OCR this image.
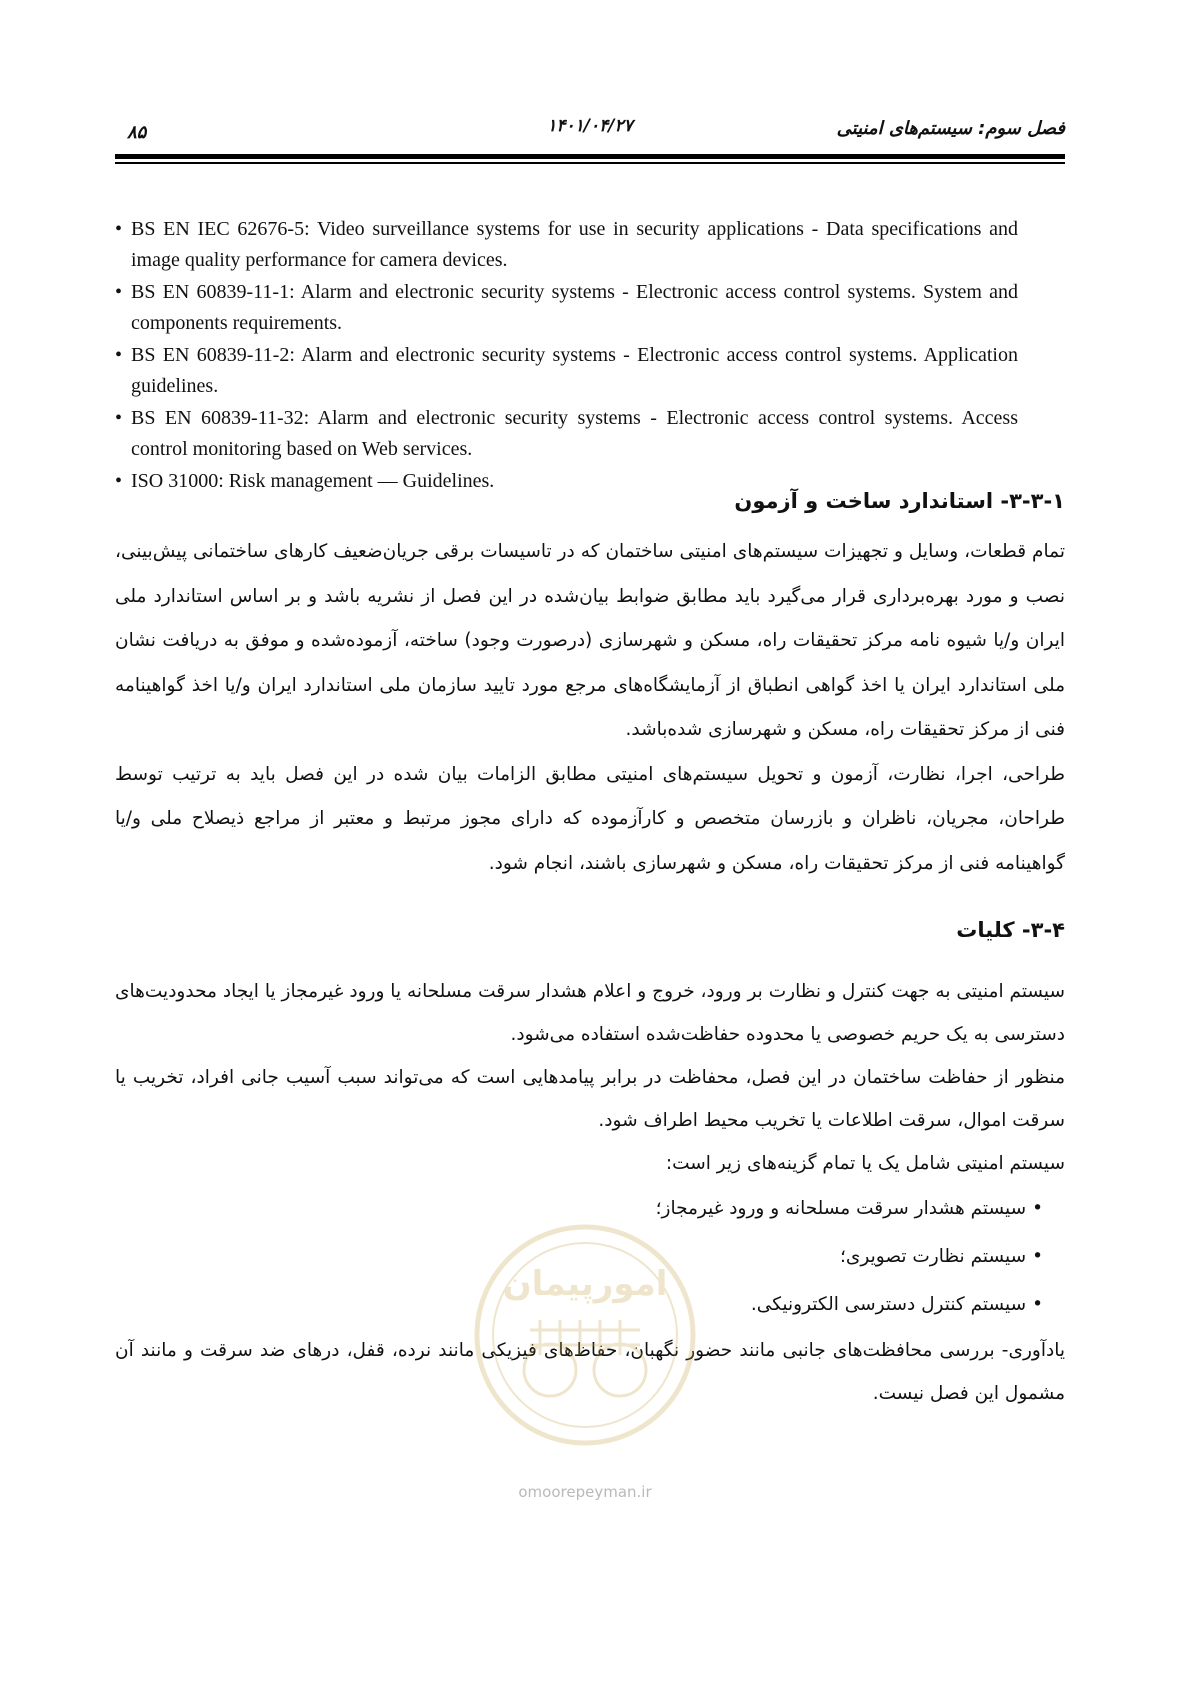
فصل سوم: سیستم‌های امنیتی
۱۴۰۱/۰۴/۲۷
۸۵
• BS EN IEC 62676-5: Video surveillance systems for use in security applications - Data specifications and image quality performance for camera devices.
• BS EN 60839-11-1: Alarm and electronic security systems - Electronic access control systems. System and components requirements.
• BS EN 60839-11-2: Alarm and electronic security systems - Electronic access control systems. Application guidelines.
• BS EN 60839-11-32: Alarm and electronic security systems - Electronic access control systems. Access control monitoring based on Web services.
• ISO 31000: Risk management — Guidelines.
۳-۳-۱- استاندارد ساخت و آزمون

تمام قطعات، وسایل و تجهیزات سیستم‌های امنیتی ساختمان که در تاسیسات برقی جریان‌ضعیف کارهای ساختمانی پیش‌بینی، نصب و مورد بهره‌برداری قرار می‌گیرد باید مطابق ضوابط بیان‌شده در این فصل از نشریه باشد و بر اساس استاندارد ملی ایران و/یا شیوه نامه مرکز تحقیقات راه، مسکن و شهرسازی (درصورت وجود) ساخته، آزموده‌شده و موفق به دریافت نشان ملی استاندارد ایران یا اخذ گواهی انطباق از آزمایشگاه‌های مرجع مورد تایید سازمان ملی استاندارد ایران و/یا اخذ گواهینامه فنی از مرکز تحقیقات راه، مسکن و شهرسازی شده‌باشد.

طراحی، اجرا، نظارت، آزمون و تحویل سیستم‌های امنیتی مطابق الزامات بیان شده در این فصل باید به ترتیب توسط طراحان، مجریان، ناظران و بازرسان متخصص و کارآزموده که دارای مجوز مرتبط و معتبر از مراجع ذیصلاح ملی و/یا گواهینامه فنی از مرکز تحقیقات راه، مسکن و شهرسازی باشند، انجام شود.

۳-۴- کلیات

سیستم امنیتی به جهت کنترل و نظارت بر ورود، خروج و اعلام هشدار سرقت مسلحانه یا ورود غیرمجاز یا ایجاد محدودیت‌های دسترسی به یک حریم خصوصی یا محدوده حفاظت‌شده استفاده می‌شود.

منظور از حفاظت ساختمان در این فصل، محفاظت در برابر پیامدهایی است که می‌تواند سبب آسیب جانی افراد، تخریب یا سرقت اموال، سرقت اطلاعات یا تخریب محیط اطراف شود.

سیستم امنیتی شامل یک یا تمام گزینه‌های زیر است:

•سیستم هشدار سرقت مسلحانه و ورود غیرمجاز؛
•سیستم نظارت تصویری؛
•سیستم کنترل دسترسی الکترونیکی.

یادآوری- بررسی محافظت‌های جانبی مانند حضور نگهبان، حفاظ‌های فیزیکی مانند نرده، قفل، درهای ضد سرقت و مانند آن مشمول این فصل نیست.

امورپیمان
omoorepeyman.ir
